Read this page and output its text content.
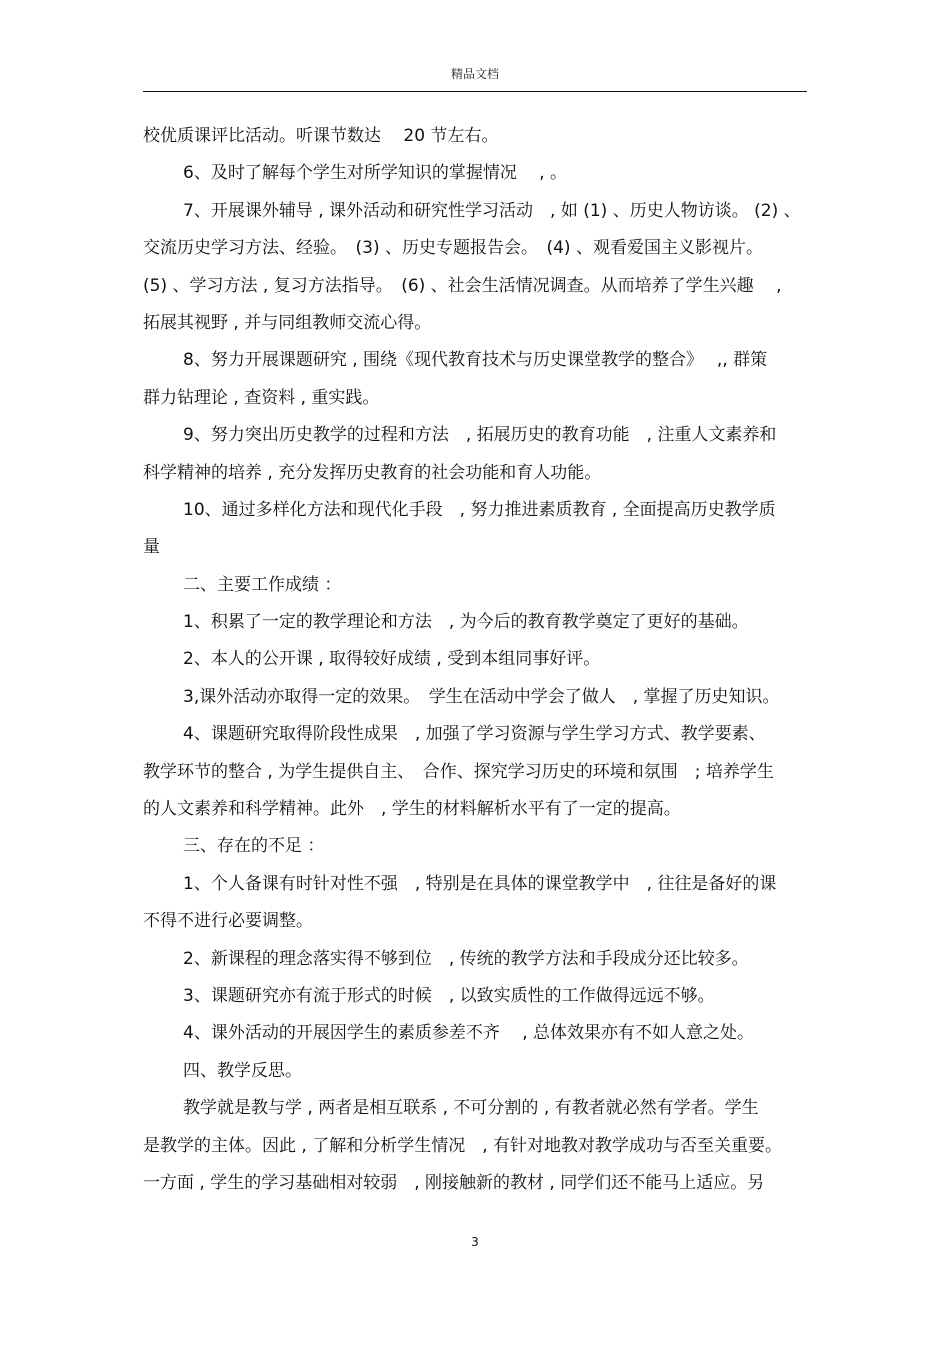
精品文档
校优质课评比活动。听课节数达　 20 节左右。
6、及时了解每个学生对所学知识的掌握情况　 , 。
7、开展课外辅导 , 课外活动和研究性学习活动　, 如 (1) 、历史人物访谈。 (2) 、
交流历史学习方法、经验。　(3) 、历史专题报告会。　(4) 、观看爱国主义影视片。
(5) 、学习方法 , 复习方法指导。　(6) 、社会生活情况调查。从而培养了学生兴趣　 ,
拓展其视野 , 并与同组教师交流心得。
8、努力开展课题研究 , 围绕《现代教育技术与历史课堂教学的整合》　 ,, 群策
群力钻理论 , 查资料 , 重实践。
9、努力突出历史教学的过程和方法　, 拓展历史的教育功能　, 注重人文素养和
科学精神的培养 , 充分发挥历史教育的社会功能和育人功能。
10、通过多样化方法和现代化手段　, 努力推进素质教育 , 全面提高历史教学质
量
二、主要工作成绩 ：
1、积累了一定的教学理论和方法　, 为今后的教育教学奠定了更好的基础。
2、本人的公开课 , 取得较好成绩 , 受到本组同事好评。
3,课外活动亦取得一定的效果。　学生在活动中学会了做人　, 掌握了历史知识。
4、课题研究取得阶段性成果　, 加强了学习资源与学生学习方式、教学要素、
教学环节的整合 , 为学生提供自主、　合作、探究学习历史的环境和氛围　; 培养学生
的人文素养和科学精神。此外　, 学生的材料解析水平有了一定的提高。
三、存在的不足 ：
1、个人备课有时针对性不强　, 特别是在具体的课堂教学中　, 往往是备好的课
不得不进行必要调整。
2、新课程的理念落实得不够到位　, 传统的教学方法和手段成分还比较多。
3、课题研究亦有流于形式的时候　, 以致实质性的工作做得远远不够。
4、课外活动的开展因学生的素质参差不齐　 , 总体效果亦有不如人意之处。
四、教学反思。
教学就是教与学 , 两者是相互联系 , 不可分割的 , 有教者就必然有学者。学生
是教学的主体。因此 , 了解和分析学生情况　, 有针对地教对教学成功与否至关重要。
一方面 , 学生的学习基础相对较弱　, 刚接触新的教材 , 同学们还不能马上适应。另
3
